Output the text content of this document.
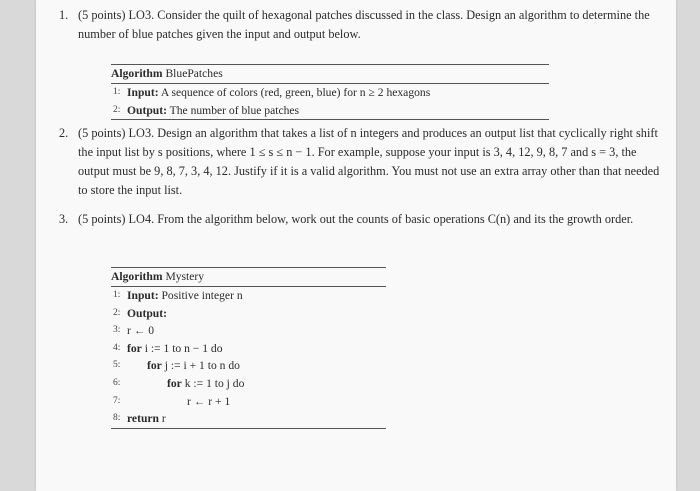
1. (5 points) LO3. Consider the quilt of hexagonal patches discussed in the class. Design an algorithm to determine the number of blue patches given the input and output below.
Algorithm BluePatches
1: Input: A sequence of colors (red, green, blue) for n ≥ 2 hexagons
2: Output: The number of blue patches
2. (5 points) LO3. Design an algorithm that takes a list of n integers and produces an output list that cyclically right shift the input list by s positions, where 1 ≤ s ≤ n − 1. For example, suppose your input is 3, 4, 12, 9, 8, 7 and s = 3, the output must be 9, 8, 7, 3, 4, 12. Justify if it is a valid algorithm. You must not use an extra array other than that needed to store the input list.
3. (5 points) LO4. From the algorithm below, work out the counts of basic operations C(n) and its the growth order.
Algorithm Mystery
1: Input: Positive integer n
2: Output:
3: r ← 0
4: for i := 1 to n − 1 do
5: for j := i + 1 to n do
6:	for k := 1 to j do
7:	r ← r + 1
8: return r
